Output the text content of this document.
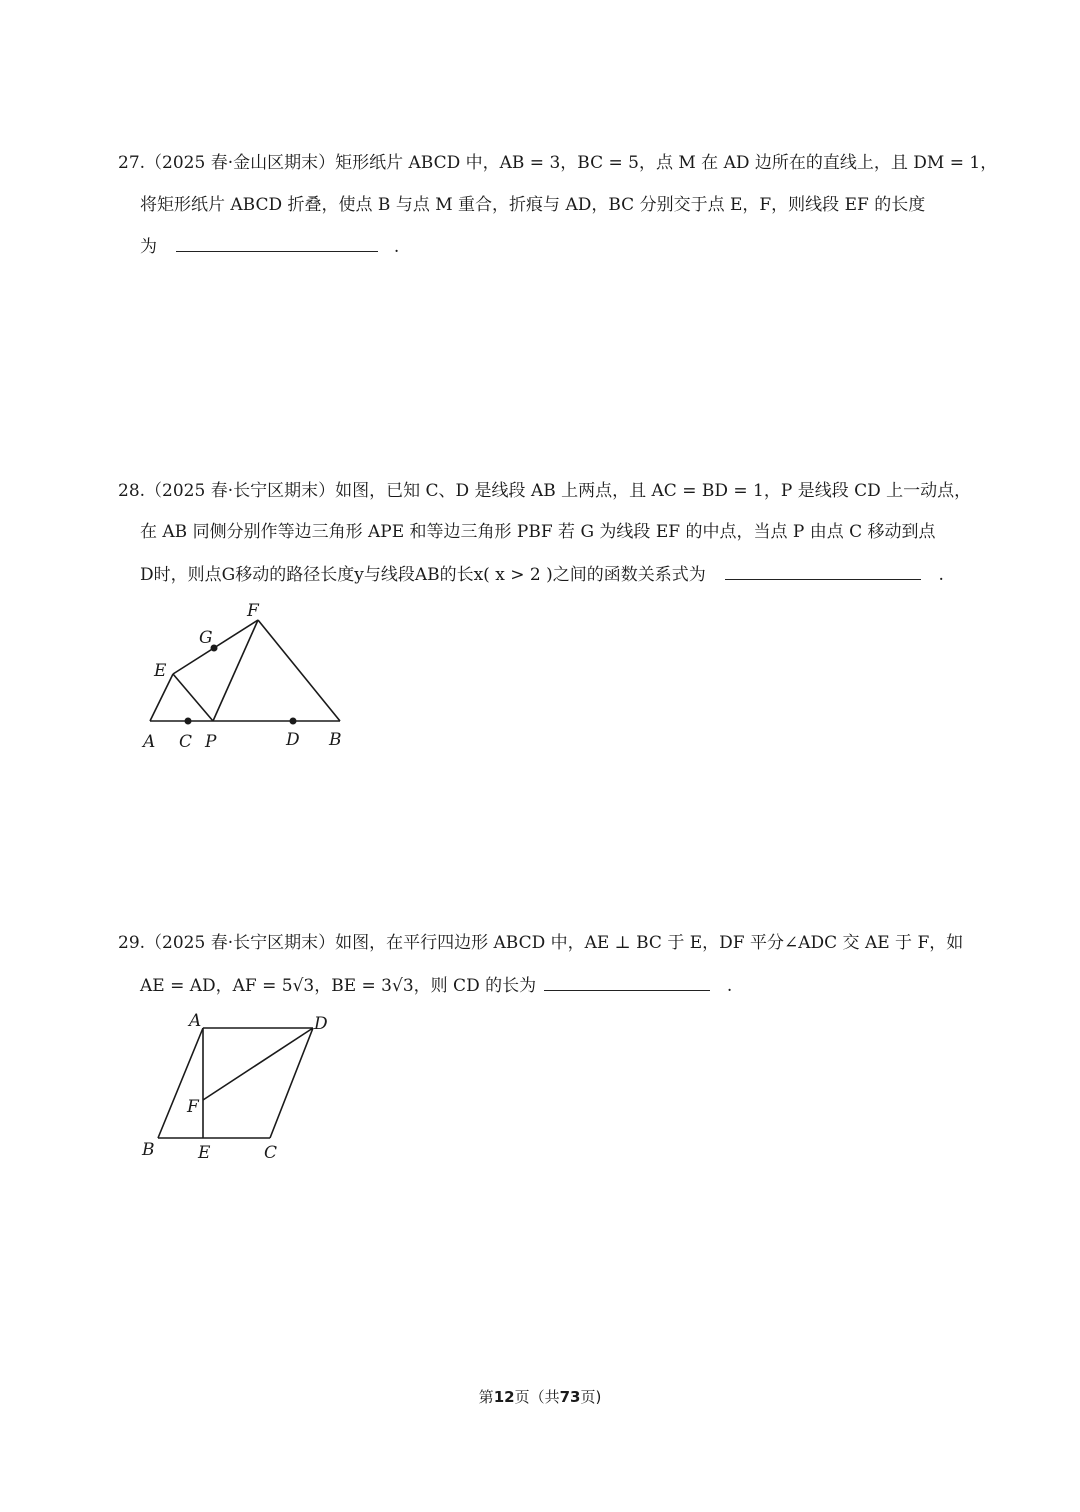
27.（2025 春·金山区期末）矩形纸片 ABCD 中，AB = 3，BC = 5，点 M 在 AD 边所在的直线上，且 DM = 1，
将矩形纸片 ABCD 折叠，使点 B 与点 M 重合，折痕与 AD，BC 分别交于点 E，F，则线段 EF 的长度
为	.
28.（2025 春·长宁区期末）如图，已知 C、D 是线段 AB 上两点，且 AC = BD = 1，P 是线段 CD 上一动点，
在 AB 同侧分别作等边三角形 APE 和等边三角形 PBF 若 G 为线段 EF 的中点，当点 P 由点 C 移动到点
D时，则点G移动的路径长度y与线段AB的长x( x > 2 )之间的函数关系式为	.
A C P	D B
E
G
F
29.（2025 春·长宁区期末）如图，在平行四边形 ABCD 中，AE ⊥ BC 于 E，DF 平分∠ADC 交 AE 于 F，如
AE = AD，AF = 5√3，BE = 3√3，则 CD 的长为	.
A	D
F
B	E	C
第12页（共73页)
